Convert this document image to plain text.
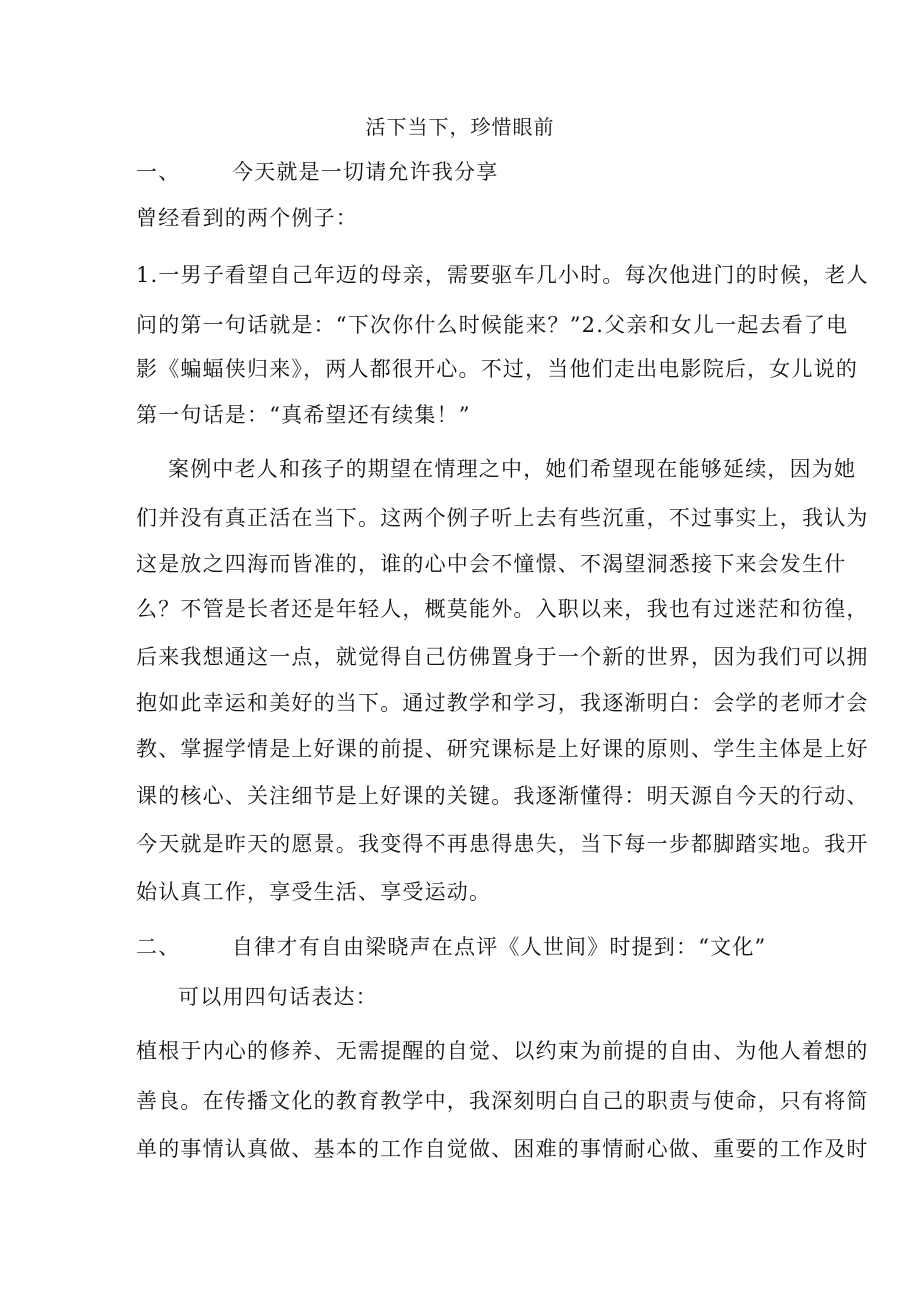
活下当下，珍惜眼前
一、 今天就是一切请允许我分享
曾经看到的两个例子：
1.一男子看望自己年迈的母亲，需要驱车几小时。每次他进门的时候，老人
问的第一句话就是：“下次你什么时候能来？”2.父亲和女儿一起去看了电
影《蝙蝠侠归来》，两人都很开心。不过，当他们走出电影院后，女儿说的
第一句话是：“真希望还有续集！”
案例中老人和孩子的期望在情理之中，她们希望现在能够延续，因为她
们并没有真正活在当下。这两个例子听上去有些沉重，不过事实上，我认为
这是放之四海而皆准的，谁的心中会不憧憬、不渴望洞悉接下来会发生什
么？不管是长者还是年轻人，概莫能外。入职以来，我也有过迷茫和彷徨，
后来我想通这一点，就觉得自己仿佛置身于一个新的世界，因为我们可以拥
抱如此幸运和美好的当下。通过教学和学习，我逐渐明白：会学的老师才会
教、掌握学情是上好课的前提、研究课标是上好课的原则、学生主体是上好
课的核心、关注细节是上好课的关键。我逐渐懂得：明天源自今天的行动、
今天就是昨天的愿景。我变得不再患得患失，当下每一步都脚踏实地。我开
始认真工作，享受生活、享受运动。
二、 自律才有自由梁晓声在点评《人世间》时提到：“文化”
可以用四句话表达：
植根于内心的修养、无需提醒的自觉、以约束为前提的自由、为他人着想的
善良。在传播文化的教育教学中，我深刻明白自己的职责与使命，只有将简
单的事情认真做、基本的工作自觉做、困难的事情耐心做、重要的工作及时
